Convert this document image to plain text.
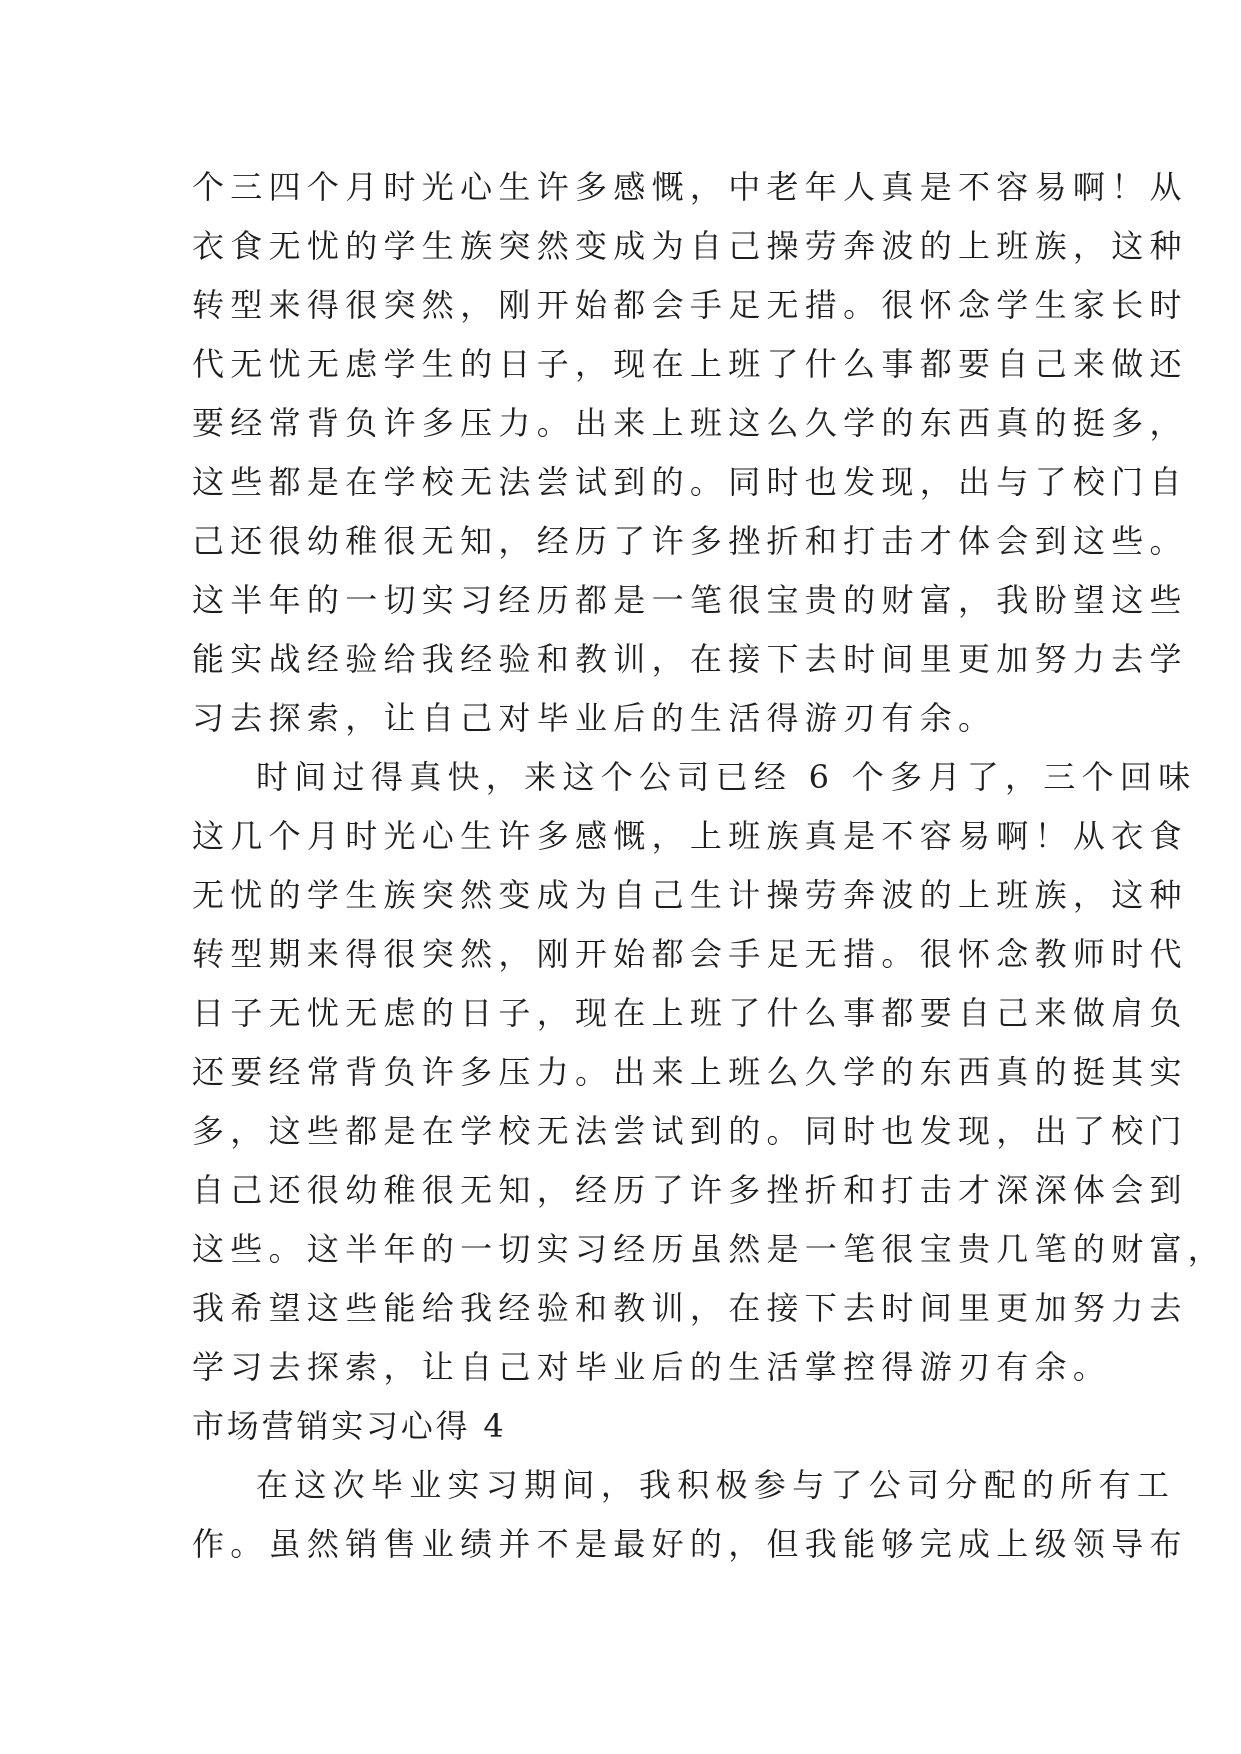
个三四个月时光心生许多感慨，中老年人真是不容易啊！从
衣食无忧的学生族突然变成为自己操劳奔波的上班族，这种
转型来得很突然，刚开始都会手足无措。很怀念学生家长时
代无忧无虑学生的日子，现在上班了什么事都要自己来做还
要经常背负许多压力。出来上班这么久学的东西真的挺多，
这些都是在学校无法尝试到的。同时也发现，出与了校门自
己还很幼稚很无知，经历了许多挫折和打击才体会到这些。
这半年的一切实习经历都是一笔很宝贵的财富，我盼望这些
能实战经验给我经验和教训，在接下去时间里更加努力去学
习去探索，让自己对毕业后的生活得游刃有余。
时间过得真快，来这个公司已经 6 个多月了，三个回味
这几个月时光心生许多感慨，上班族真是不容易啊！从衣食
无忧的学生族突然变成为自己生计操劳奔波的上班族，这种
转型期来得很突然，刚开始都会手足无措。很怀念教师时代
日子无忧无虑的日子，现在上班了什么事都要自己来做肩负
还要经常背负许多压力。出来上班么久学的东西真的挺其实
多，这些都是在学校无法尝试到的。同时也发现，出了校门
自己还很幼稚很无知，经历了许多挫折和打击才深深体会到
这些。这半年的一切实习经历虽然是一笔很宝贵几笔的财富，
我希望这些能给我经验和教训，在接下去时间里更加努力去
学习去探索，让自己对毕业后的生活掌控得游刃有余。
市场营销实习心得 4
在这次毕业实习期间，我积极参与了公司分配的所有工
作。虽然销售业绩并不是最好的，但我能够完成上级领导布
